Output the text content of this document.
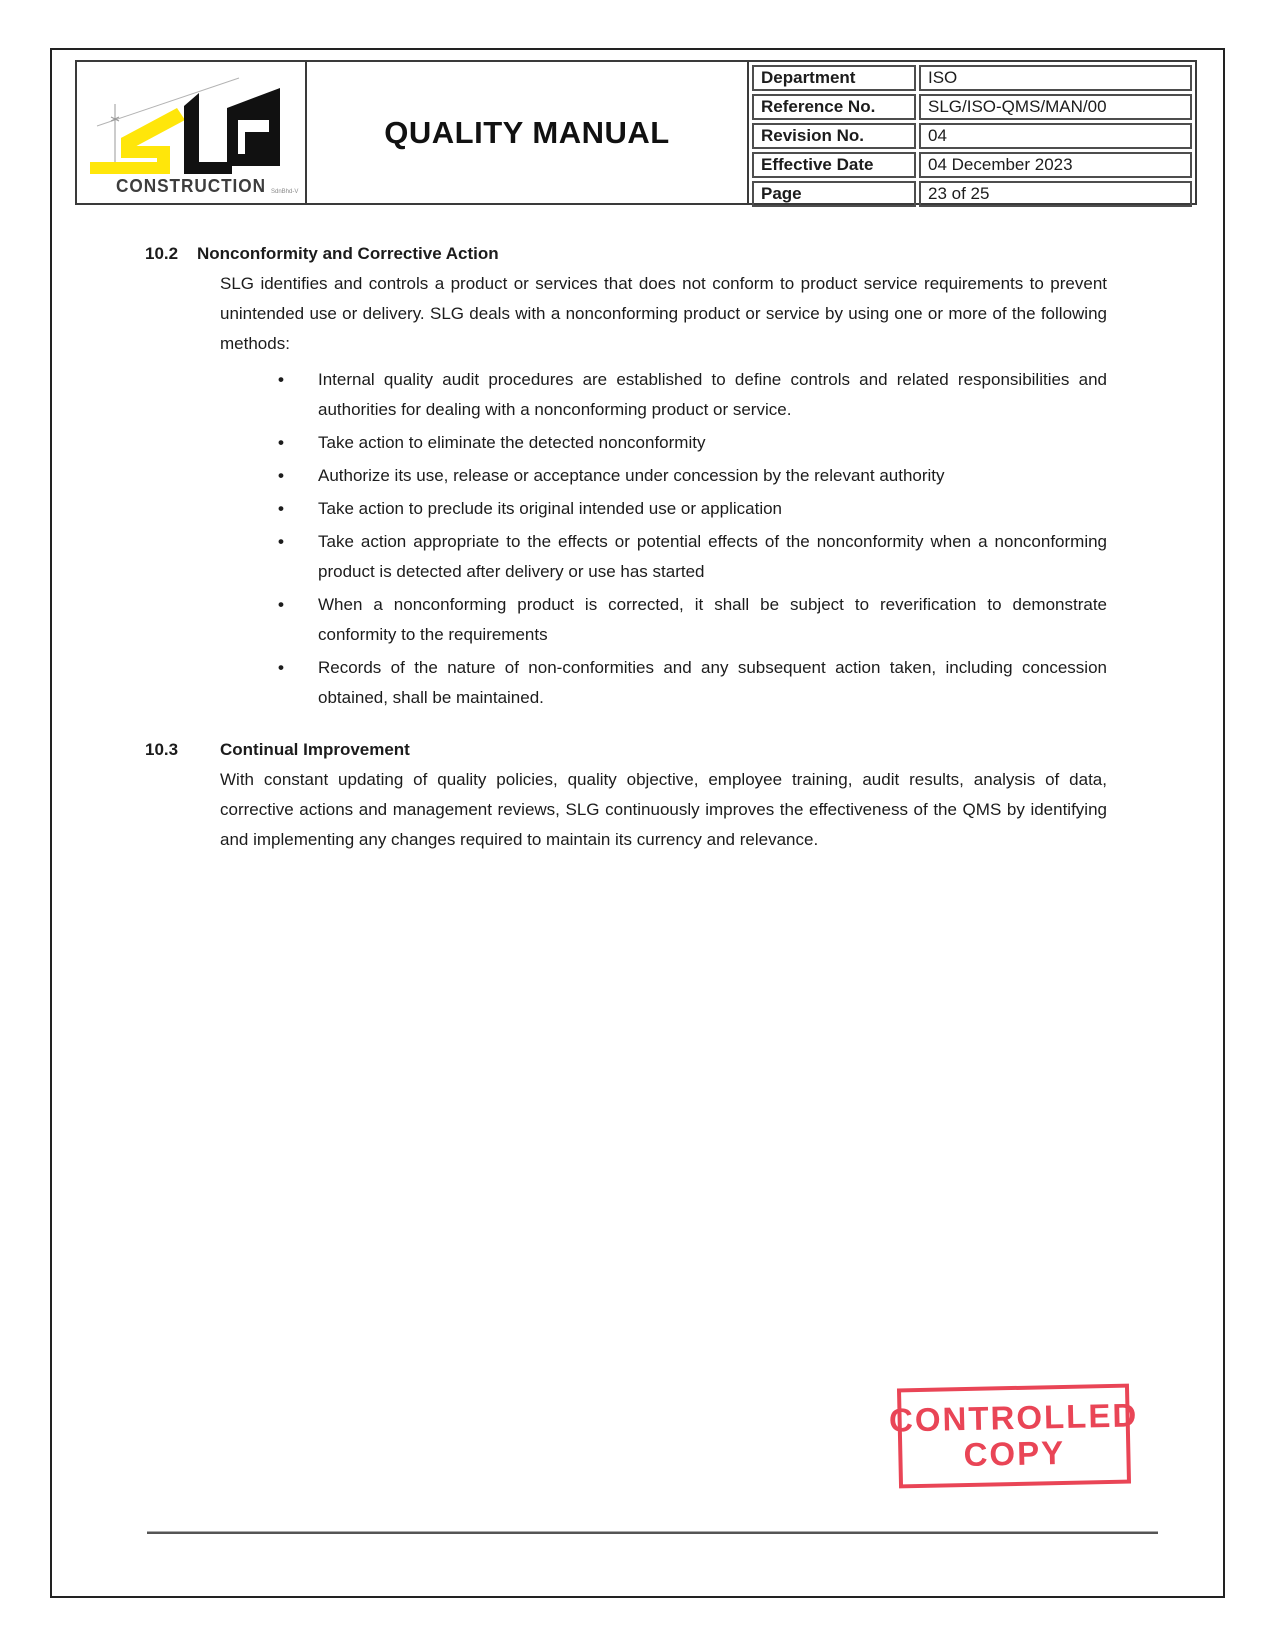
CONSTRUCTION SdnBhd-V
QUALITY MANUAL
Department	ISO
Reference No.	SLG/ISO-QMS/MAN/00
Revision No.	04
Effective Date	04 December 2023
Page	23 of 25
10.2	Nonconformity and Corrective Action

SLG identifies and controls a product or services that does not conform to product service requirements to prevent unintended use or delivery. SLG deals with a nonconforming product or service by using one or more of the following methods:

• Internal quality audit procedures are established to define controls and related responsibilities and authorities for dealing with a nonconforming product or service.
• Take action to eliminate the detected nonconformity
• Authorize its use, release or acceptance under concession by the relevant authority
• Take action to preclude its original intended use or application
• Take action appropriate to the effects or potential effects of the nonconformity when a nonconforming product is detected after delivery or use has started
• When a nonconforming product is corrected, it shall be subject to reverification to demonstrate conformity to the requirements
• Records of the nature of non-conformities and any subsequent action taken, including concession obtained, shall be maintained.
10.3	Continual Improvement

With constant updating of quality policies, quality objective, employee training, audit results, analysis of data, corrective actions and management reviews, SLG continuously improves the effectiveness of the QMS by identifying and implementing any changes required to maintain its currency and relevance.

CONTROLLED
COPY
